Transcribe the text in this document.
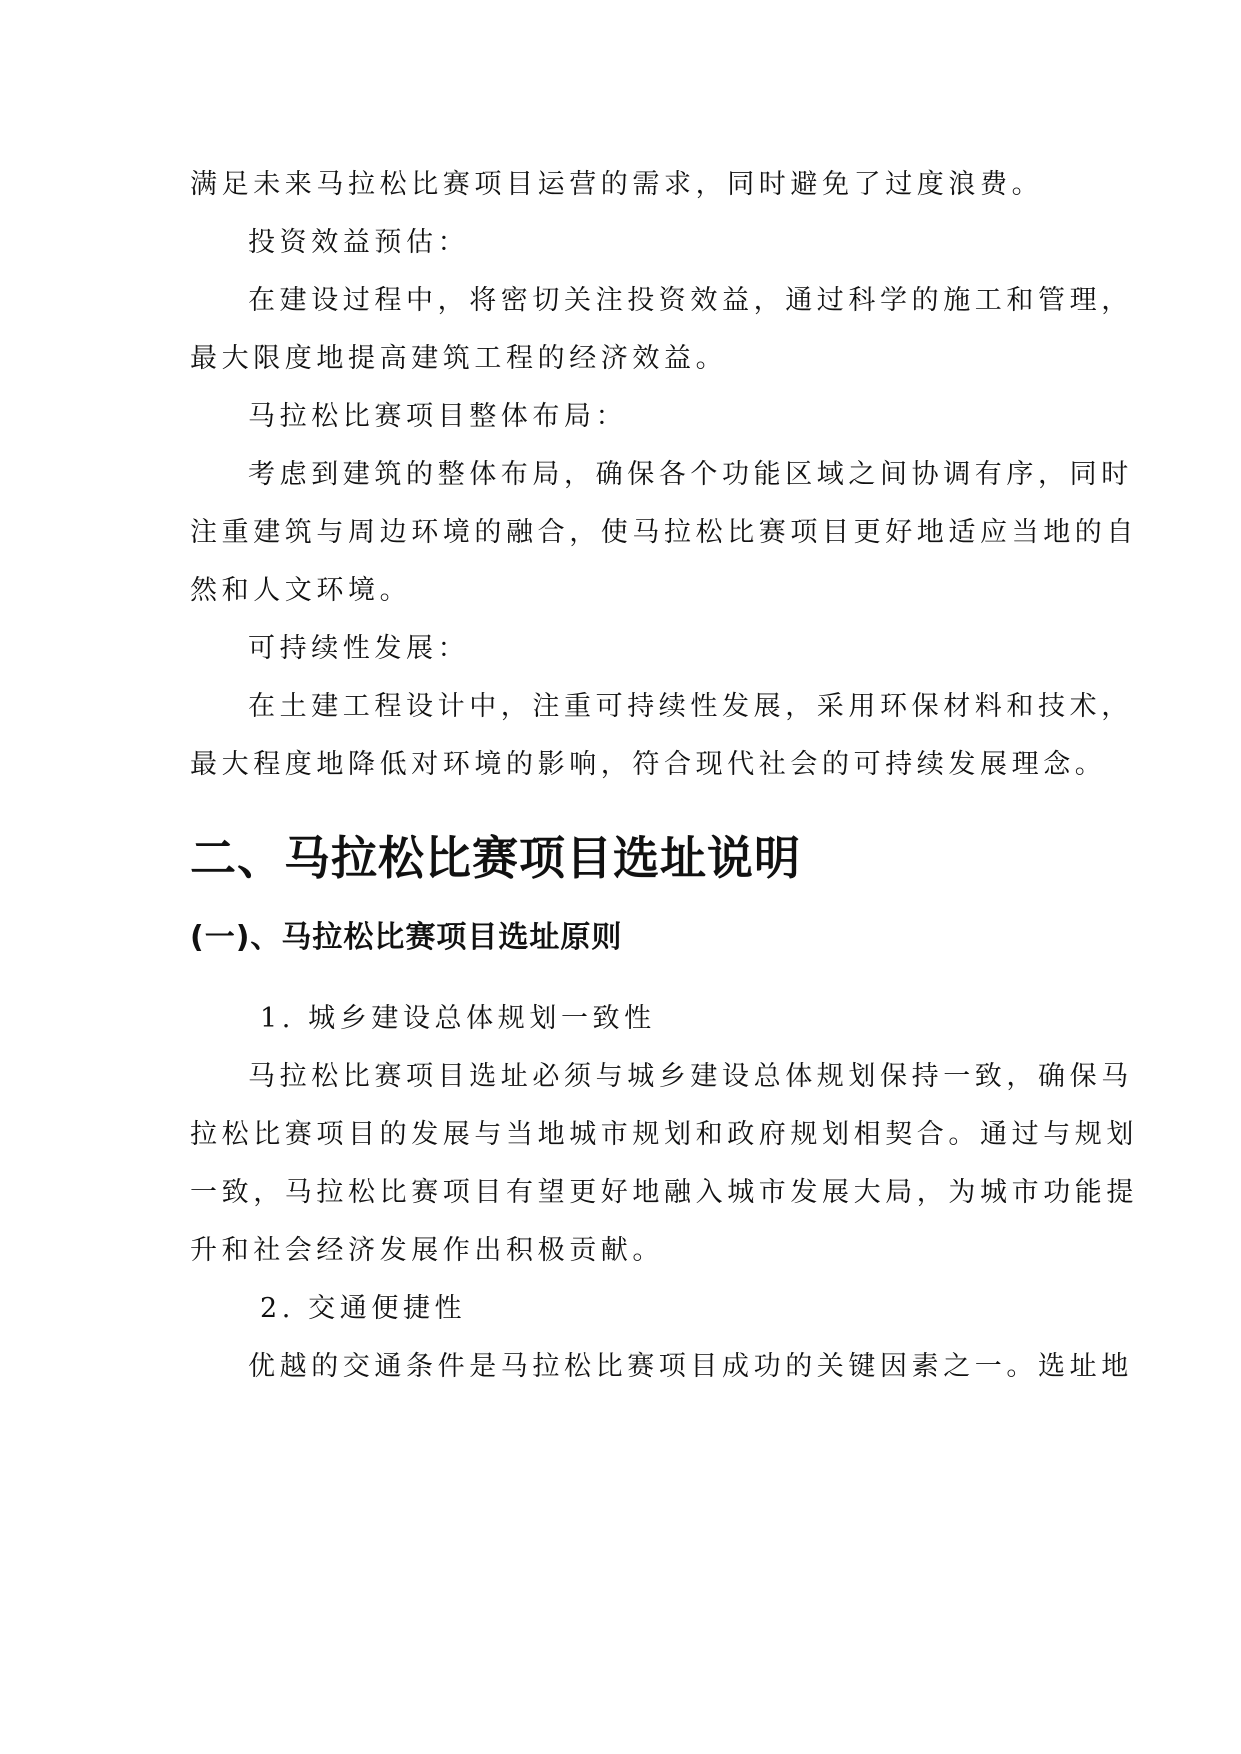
满足未来马拉松比赛项目运营的需求，同时避免了过度浪费。
投资效益预估：
在建设过程中，将密切关注投资效益，通过科学的施工和管理，
最大限度地提高建筑工程的经济效益。
马拉松比赛项目整体布局：
考虑到建筑的整体布局，确保各个功能区域之间协调有序，同时
注重建筑与周边环境的融合，使马拉松比赛项目更好地适应当地的自
然和人文环境。
可持续性发展：
在土建工程设计中，注重可持续性发展，采用环保材料和技术，
最大程度地降低对环境的影响，符合现代社会的可持续发展理念。
二、马拉松比赛项目选址说明
(一)、马拉松比赛项目选址原则
1. 城乡建设总体规划一致性
马拉松比赛项目选址必须与城乡建设总体规划保持一致，确保马
拉松比赛项目的发展与当地城市规划和政府规划相契合。通过与规划
一致，马拉松比赛项目有望更好地融入城市发展大局，为城市功能提
升和社会经济发展作出积极贡献。
2. 交通便捷性
优越的交通条件是马拉松比赛项目成功的关键因素之一。选址地
